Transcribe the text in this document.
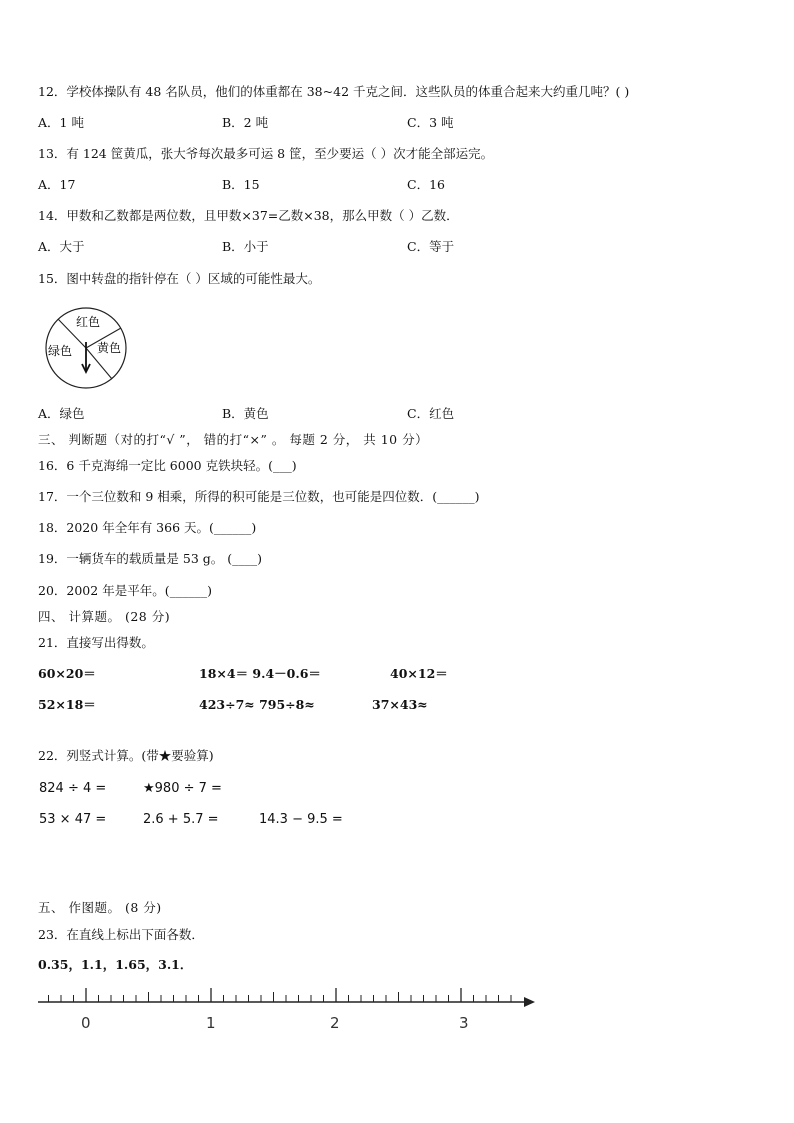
12．学校体操队有 48 名队员，他们的体重都在 38~42 千克之间．这些队员的体重合起来大约重几吨？( )
A．1 吨	B．2 吨	C．3 吨
13．有 124 筐黄瓜，张大爷每次最多可运 8 筐，至少要运（ ）次才能全部运完。
A．17	B．15	C．16
14．甲数和乙数都是两位数，且甲数×37=乙数×38，那么甲数（ ）乙数．
A．大于	B．小于	C．等于
15．图中转盘的指针停在（ ）区域的可能性最大。
红色
绿色 黄色
A．绿色	B．黄色	C．红色
三、 判断题（对的打“√ ”， 错的打“×” 。 每题 2 分， 共 10 分）
16．6 千克海绵一定比 6000 克铁块轻。(___)
17．一个三位数和 9 相乘，所得的积可能是三位数，也可能是四位数．(______)
18．2020 年全年有 366 天。(______)
19．一辆货车的载质量是 53 g。 (____)
20．2002 年是平年。(______)
四、 计算题。 (28 分)
21．直接写出得数。
60×20＝	18×4＝ 9.4－0.6＝	40×12＝
52×18＝	423÷7≈ 795÷8≈	37×43≈
22．列竖式计算。(带★要验算)
824 ÷ 4 =	★980 ÷ 7 =
53 × 47 =	2.6 + 5.7 =	14.3 − 9.5 =
五、 作图题。 (8 分)
23．在直线上标出下面各数．
0.35，1.1，1.65，3.1．
0	1	2	3
